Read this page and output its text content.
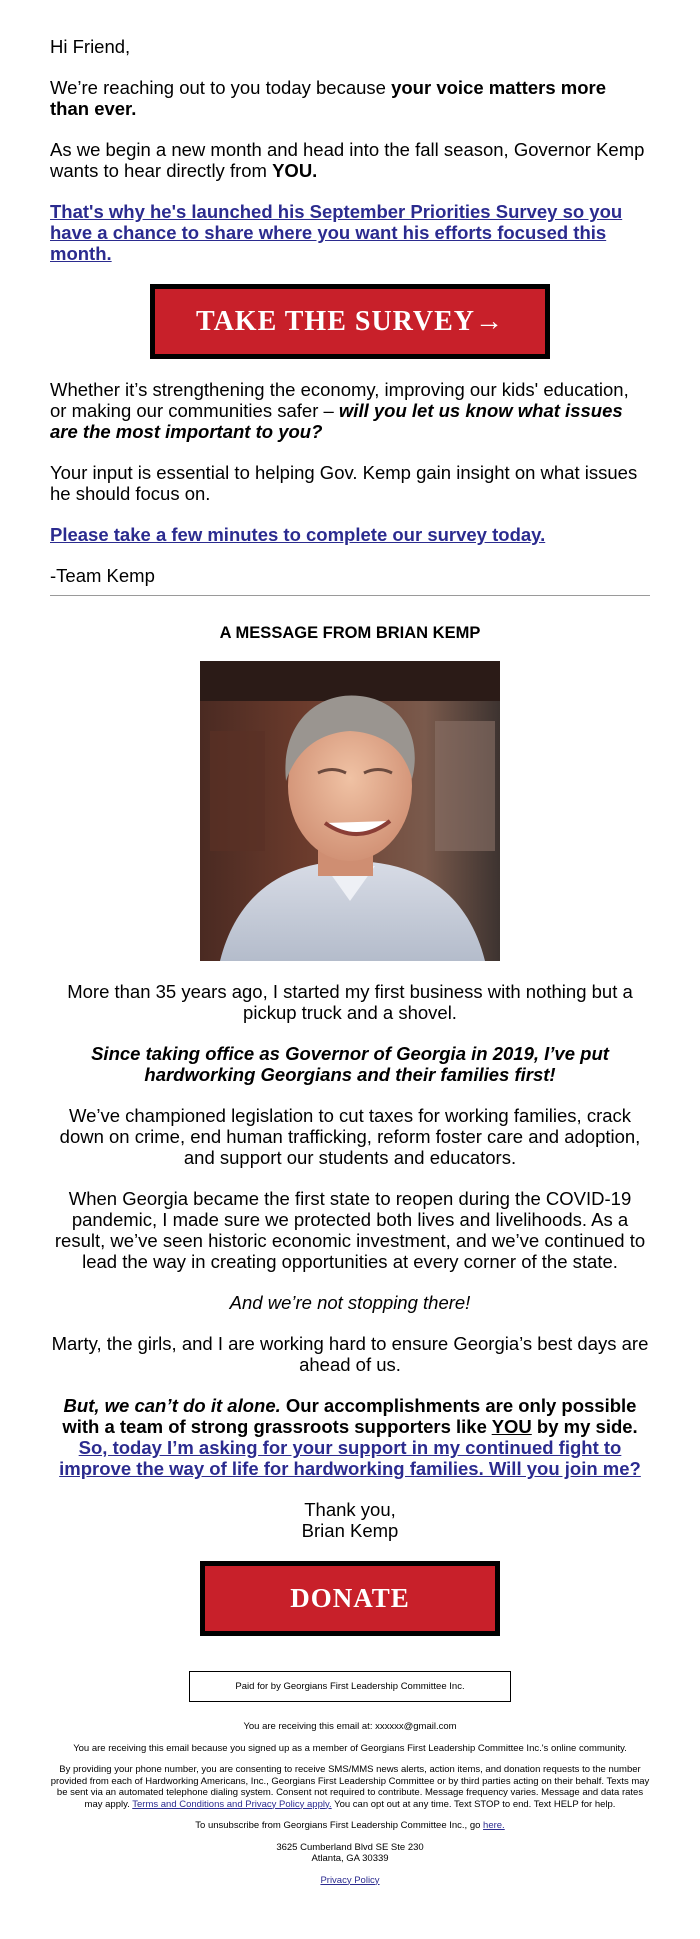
Hi Friend,

We’re reaching out to you today because your voice matters more than ever.

As we begin a new month and head into the fall season, Governor Kemp wants to hear directly from YOU.

That's why he's launched his September Priorities Survey so you have a chance to share where you want his efforts focused this month.

TAKE THE SURVEY→

Whether it’s strengthening the economy, improving our kids' education, or making our communities safer – will you let us know what issues are the most important to you?

Your input is essential to helping Gov. Kemp gain insight on what issues he should focus on.

Please take a few minutes to complete our survey today.

-Team Kemp

A MESSAGE FROM BRIAN KEMP

More than 35 years ago, I started my first business with nothing but a pickup truck and a shovel.

Since taking office as Governor of Georgia in 2019, I’ve put hardworking Georgians and their families first!

We’ve championed legislation to cut taxes for working families, crack down on crime, end human trafficking, reform foster care and adoption, and support our students and educators.

When Georgia became the first state to reopen during the COVID-19 pandemic, I made sure we protected both lives and livelihoods. As a result, we’ve seen historic economic investment, and we’ve continued to lead the way in creating opportunities at every corner of the state.

And we’re not stopping there!

Marty, the girls, and I are working hard to ensure Georgia’s best days are ahead of us.

But, we can’t do it alone. Our accomplishments are only possible with a team of strong grassroots supporters like YOU by my side. So, today I’m asking for your support in my continued fight to improve the way of life for hardworking families. Will you join me?

Thank you,

Brian Kemp

DONATE
Paid for by Georgians First Leadership Committee Inc.

You are receiving this email at: xxxxxx@gmail.com

You are receiving this email because you signed up as a member of Georgians First Leadership Committee Inc.'s online community.

By providing your phone number, you are consenting to receive SMS/MMS news alerts, action items, and donation requests to the number provided from each of Hardworking Americans, Inc., Georgians First Leadership Committee or by third parties acting on their behalf. Texts may be sent via an automated telephone dialing system. Consent not required to contribute. Message frequency varies. Message and data rates may apply. Terms and Conditions and Privacy Policy apply. You can opt out at any time. Text STOP to end. Text HELP for help.

To unsubscribe from Georgians First Leadership Committee Inc., go here.

3625 Cumberland Blvd SE Ste 230

Atlanta, GA 30339

Privacy Policy
